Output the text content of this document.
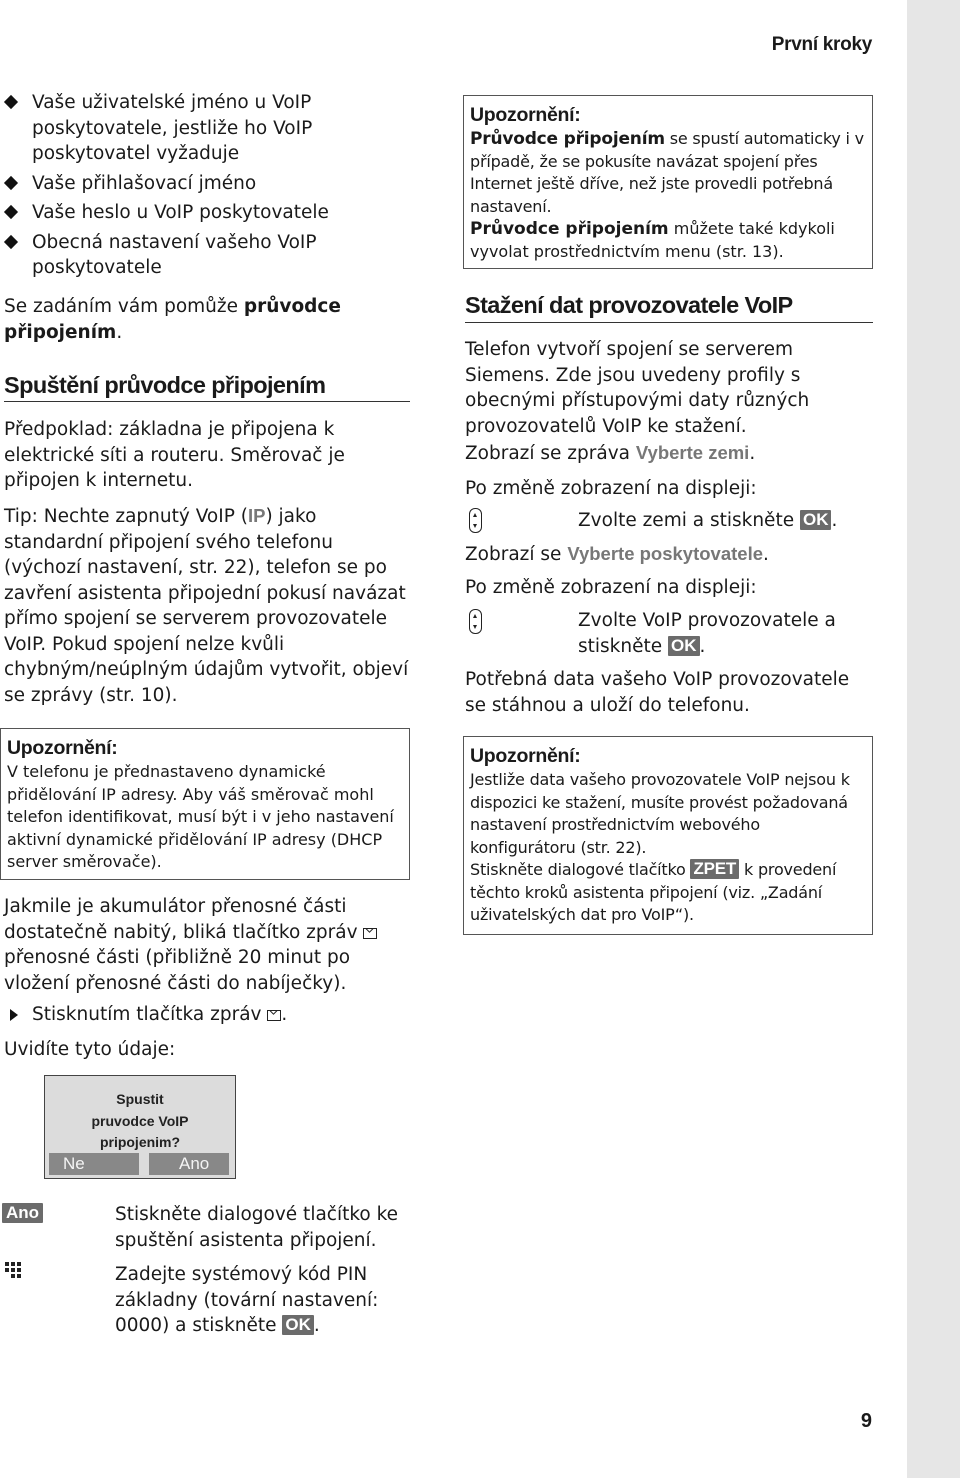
První kroky
Vaše uživatelské jméno u VoIP poskytovatele, jestliže ho VoIP poskytovatel vyžaduje
Vaše přihlašovací jméno
Vaše heslo u VoIP poskytovatele
Obecná nastavení vašeho VoIP poskytovatele
Se zadáním vám pomůže průvodce připojením.
Spuštění průvodce připojením
Předpoklad: základna je připojena k elektrické síti a routeru. Směrovač je připojen k internetu.
Tip: Nechte zapnutý VoIP (IP) jako standardní připojení svého telefonu (výchozí nastavení, str. 22), telefon se po zavření asistenta připojední pokusí navázat přímo spojení se serverem provozovatele VoIP. Pokud spojení nelze kvůli chybným/neúplným údajům vytvořit, objeví se zprávy (str. 10).
Upozornění:
V telefonu je přednastaveno dynamické přidělování IP adresy. Aby váš směrovač mohl telefon identifikovat, musí být i v jeho nastavení aktivní dynamické přidělování IP adresy (DHCP server směrovače).
Jakmile je akumulátor přenosné části dostatečně nabitý, bliká tlačítko zpráv  přenosné části (přibližně 20 minut po vložení přenosné části do nabíječky).
Stisknutím tlačítka zpráv .
Uvidíte tyto údaje:
Spustit
pruvodce VoIP
pripojenim?
Ne	Ano
Ano	Stiskněte dialogové tlačítko ke spuštění asistenta připojení.
Zadejte systémový kód PIN základny (tovární nastavení: 0000) a stiskněte OK .
Upozornění:
Průvodce připojením se spustí automaticky i v případě, že se pokusíte navázat spojení přes Internet ještě dříve, než jste provedli potřebná nastavení.
Průvodce připojením můžete také kdykoli vyvolat prostřednictvím menu (str. 13).
Stažení dat provozovatele VoIP
Telefon vytvoří spojení se serverem Siemens. Zde jsou uvedeny profily s obecnými přístupovými daty různých provozovatelů VoIP ke stažení.
Zobrazí se zpráva Vyberte zemi.
Po změně zobrazení na displeji:
Zvolte zemi a stiskněte OK .
Zobrazí se Vyberte poskytovatele.
Po změně zobrazení na displeji:
Zvolte VoIP provozovatele a stiskněte OK .
Potřebná data vašeho VoIP provozovatele se stáhnou a uloží do telefonu.
Upozornění:
Jestliže data vašeho provozovatele VoIP nejsou k dispozici ke stažení, musíte provést požadovaná nastavení prostřednictvím webového konfigurátoru (str. 22).
Stiskněte dialogové tlačítko ZPET k provedení těchto kroků asistenta připojení (viz. „Zadání uživatelských dat pro VoIP“).
9
